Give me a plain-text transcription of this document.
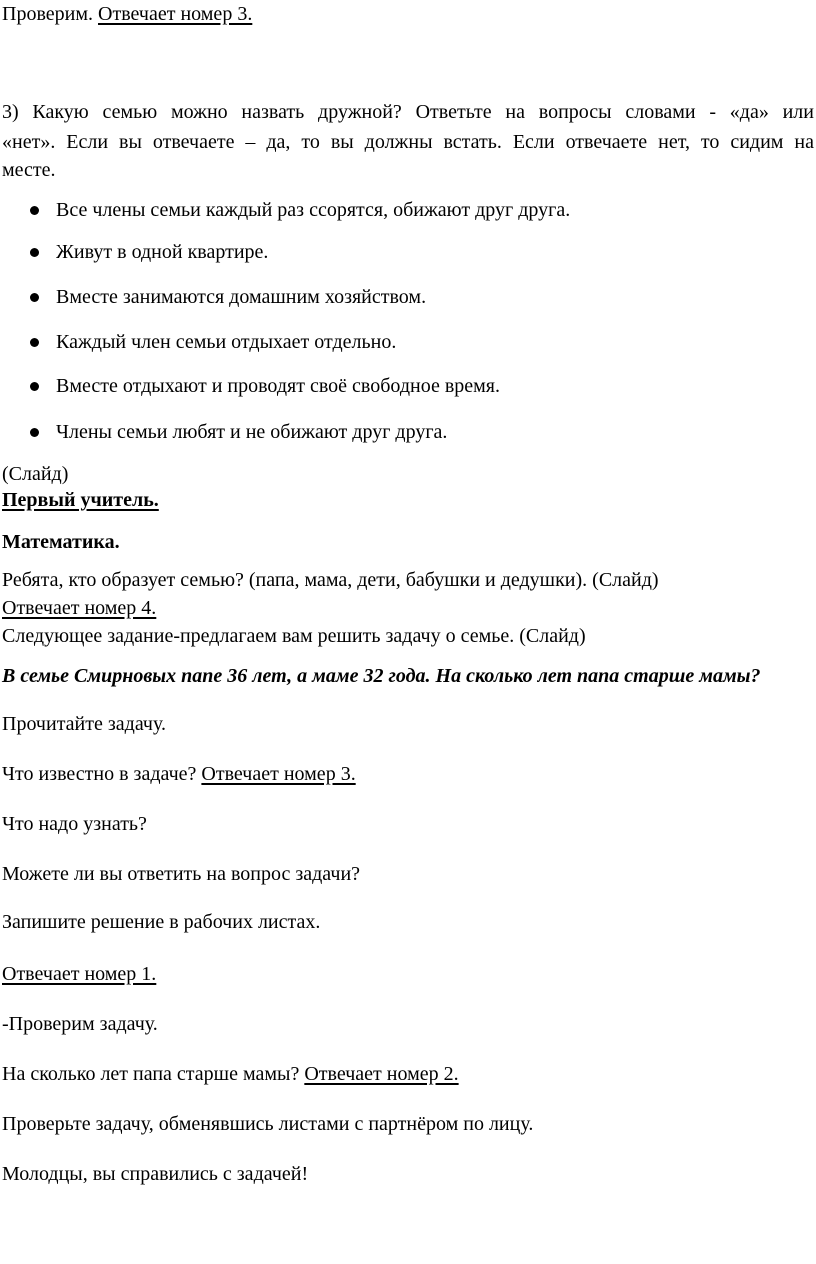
Проверим. Отвечает номер 3.
3) Какую семью можно назвать дружной? Ответьте на вопросы словами - «да» или
«нет». Если вы отвечаете – да, то вы должны встать. Если отвечаете нет, то сидим на
месте.
Все члены семьи каждый раз ссорятся, обижают друг друга.
Живут в одной квартире.
Вместе занимаются домашним хозяйством.
Каждый член семьи отдыхает отдельно.
Вместе отдыхают и проводят своё свободное время.
Члены семьи любят и не обижают друг друга.
(Слайд)
Первый учитель.
Математика.
Ребята, кто образует семью? (папа, мама, дети, бабушки и дедушки). (Слайд)
Отвечает номер 4.
Следующее задание-предлагаем вам решить задачу о семье. (Слайд)
В семье Смирновых папе 36 лет, а маме 32 года. На сколько лет папа старше мамы?
Прочитайте задачу.
Что известно в задаче? Отвечает номер 3.
Что надо узнать?
Можете ли вы ответить на вопрос задачи?
Запишите решение в рабочих листах.
Отвечает номер 1.
-Проверим задачу.
На сколько лет папа старше мамы? Отвечает номер 2.
Проверьте задачу, обменявшись листами с партнёром по лицу.
Молодцы, вы справились с задачей!
